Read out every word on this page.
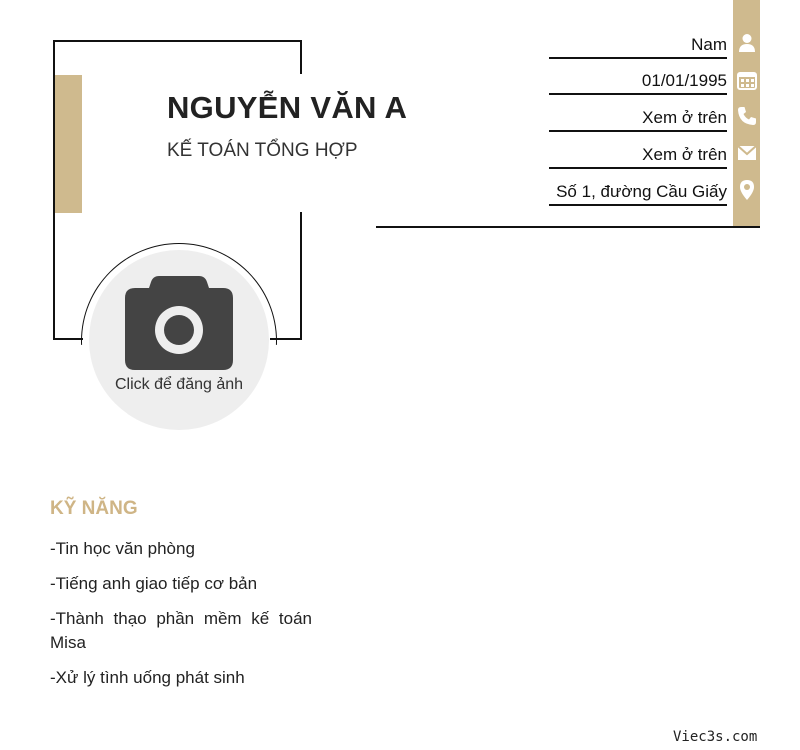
NGUYỄN VĂN A
KẾ TOÁN TỔNG HỢP
Click để đăng ảnh
Nam
01/01/1995
Xem ở trên
Xem ở trên
Số 1, đường Cầu Giấy
KỸ NĂNG
-Tin học văn phòng
-Tiếng anh giao tiếp cơ bản
-Thành thạo phần mềm kế toán Misa
-Xử lý tình uống phát sinh
Viec3s.com
